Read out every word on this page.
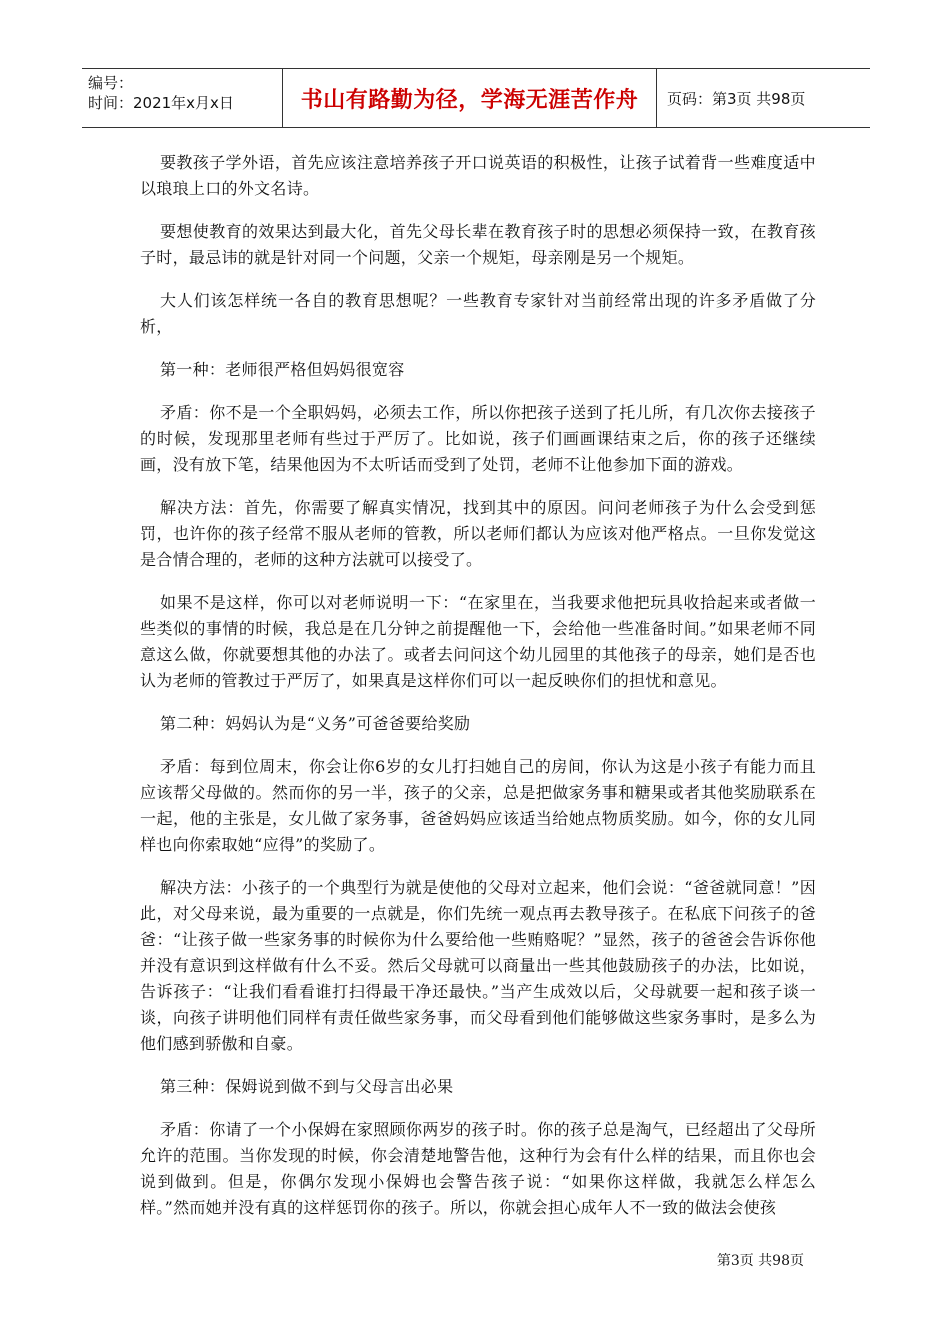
编号：
时间：2021年x月x日	书山有路勤为径，学海无涯苦作舟	页码：第3页 共98页

要教孩子学外语，首先应该注意培养孩子开口说英语的积极性，让孩子试着背一些难度适中以琅琅上口的外文名诗。

要想使教育的效果达到最大化，首先父母长辈在教育孩子时的思想必须保持一致，在教育孩子时，最忌讳的就是针对同一个问题，父亲一个规矩，母亲刚是另一个规矩。

大人们该怎样统一各自的教育思想呢？一些教育专家针对当前经常出现的许多矛盾做了分析，

第一种：老师很严格但妈妈很宽容

矛盾：你不是一个全职妈妈，必须去工作，所以你把孩子送到了托儿所，有几次你去接孩子的时候，发现那里老师有些过于严厉了。比如说，孩子们画画课结束之后，你的孩子还继续画，没有放下笔，结果他因为不太听话而受到了处罚，老师不让他参加下面的游戏。

解决方法：首先，你需要了解真实情况，找到其中的原因。问问老师孩子为什么会受到惩罚，也许你的孩子经常不服从老师的管教，所以老师们都认为应该对他严格点。一旦你发觉这是合情合理的，老师的这种方法就可以接受了。

如果不是这样，你可以对老师说明一下：“在家里在，当我要求他把玩具收拾起来或者做一些类似的事情的时候，我总是在几分钟之前提醒他一下，会给他一些准备时间。”如果老师不同意这么做，你就要想其他的办法了。或者去问问这个幼儿园里的其他孩子的母亲，她们是否也认为老师的管教过于严厉了，如果真是这样你们可以一起反映你们的担忧和意见。

第二种：妈妈认为是“义务”可爸爸要给奖励

矛盾：每到位周末，你会让你6岁的女儿打扫她自己的房间，你认为这是小孩子有能力而且应该帮父母做的。然而你的另一半，孩子的父亲，总是把做家务事和糖果或者其他奖励联系在一起，他的主张是，女儿做了家务事，爸爸妈妈应该适当给她点物质奖励。如今，你的女儿同样也向你索取她“应得”的奖励了。

解决方法：小孩子的一个典型行为就是使他的父母对立起来，他们会说：“爸爸就同意！”因此，对父母来说，最为重要的一点就是，你们先统一观点再去教导孩子。在私底下问孩子的爸爸：“让孩子做一些家务事的时候你为什么要给他一些贿赂呢？”显然，孩子的爸爸会告诉你他并没有意识到这样做有什么不妥。然后父母就可以商量出一些其他鼓励孩子的办法，比如说，告诉孩子：“让我们看看谁打扫得最干净还最快。”当产生成效以后，父母就要一起和孩子谈一谈，向孩子讲明他们同样有责任做些家务事，而父母看到他们能够做这些家务事时，是多么为他们感到骄傲和自豪。

第三种：保姆说到做不到与父母言出必果

矛盾：你请了一个小保姆在家照顾你两岁的孩子时。你的孩子总是淘气，已经超出了父母所允许的范围。当你发现的时候，你会清楚地警告他，这种行为会有什么样的结果，而且你也会说到做到。但是，你偶尔发现小保姆也会警告孩子说：“如果你这样做，我就怎么样怎么样。”然而她并没有真的这样惩罚你的孩子。所以，你就会担心成年人不一致的做法会使孩

第3页 共98页
